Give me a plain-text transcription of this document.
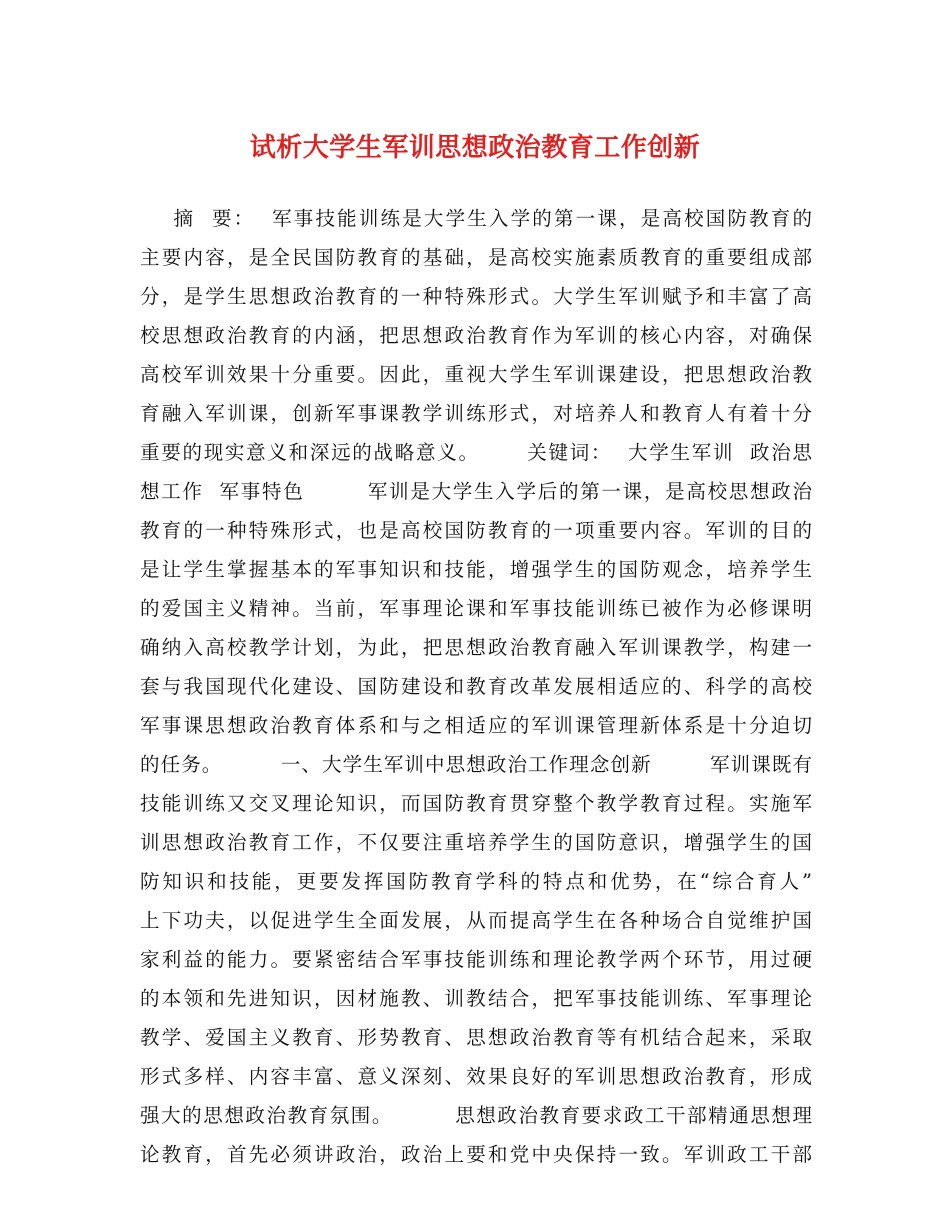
试析大学生军训思想政治教育工作创新
摘  要：  军事技能训练是大学生入学的第一课，是高校国防教育的
主要内容，是全民国防教育的基础，是高校实施素质教育的重要组成部
分，是学生思想政治教育的一种特殊形式。大学生军训赋予和丰富了高
校思想政治教育的内涵，把思想政治教育作为军训的核心内容，对确保
高校军训效果十分重要。因此，重视大学生军训课建设，把思想政治教
育融入军训课，创新军事课教学训练形式，对培养人和教育人有着十分
重要的现实意义和深远的战略意义。      关键词：  大学生军训  政治思
想工作  军事特色        军训是大学生入学后的第一课，是高校思想政治
教育的一种特殊形式，也是高校国防教育的一项重要内容。军训的目的
是让学生掌握基本的军事知识和技能，增强学生的国防观念，培养学生
的爱国主义精神。当前，军事理论课和军事技能训练已被作为必修课明
确纳入高校教学计划，为此，把思想政治教育融入军训课教学，构建一
套与我国现代化建设、国防建设和教育改革发展相适应的、科学的高校
军事课思想政治教育体系和与之相适应的军训课管理新体系是十分迫切
的任务。        一、大学生军训中思想政治工作理念创新        军训课既有
技能训练又交叉理论知识，而国防教育贯穿整个教学教育过程。实施军
训思想政治教育工作，不仅要注重培养学生的国防意识，增强学生的国
防知识和技能，更要发挥国防教育学科的特点和优势，在“综合育人”
上下功夫，以促进学生全面发展，从而提高学生在各种场合自觉维护国
家利益的能力。要紧密结合军事技能训练和理论教学两个环节，用过硬
的本领和先进知识，因材施教、训教结合，把军事技能训练、军事理论
教学、爱国主义教育、形势教育、思想政治教育等有机结合起来，采取
形式多样、内容丰富、意义深刻、效果良好的军训思想政治教育，形成
强大的思想政治教育氛围。        思想政治教育要求政工干部精通思想理
论教育，首先必须讲政治，政治上要和党中央保持一致。军训政工干部
